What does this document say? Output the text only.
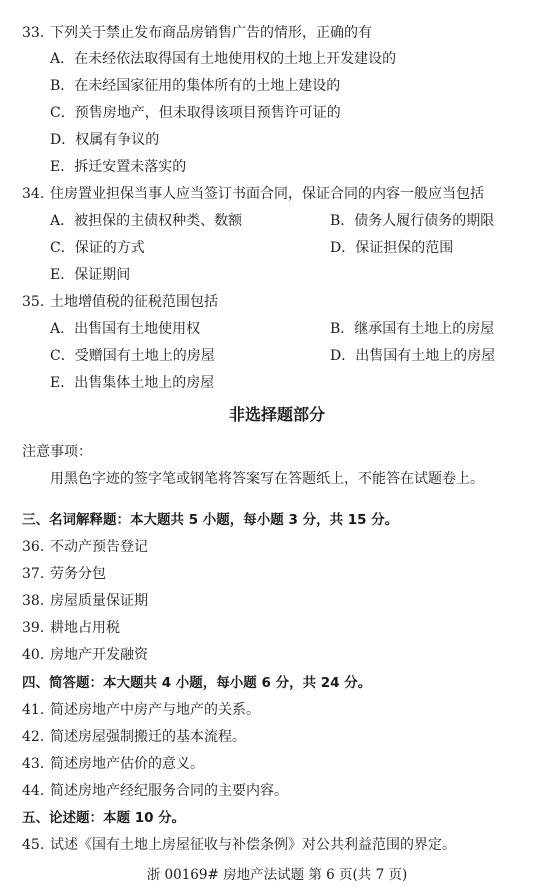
33. 下列关于禁止发布商品房销售广告的情形，正确的有
A．在未经依法取得国有土地使用权的土地上开发建设的
B．在未经国家征用的集体所有的土地上建设的
C．预售房地产，但未取得该项目预售许可证的
D．权属有争议的
E．拆迁安置未落实的
34. 住房置业担保当事人应当签订书面合同，保证合同的内容一般应当包括
A．被担保的主债权种类、数额	B．债务人履行债务的期限
C．保证的方式	D．保证担保的范围
E．保证期间
35. 土地增值税的征税范围包括
A．出售国有土地使用权	B．继承国有土地上的房屋
C．受赠国有土地上的房屋	D．出售国有土地上的房屋
E．出售集体土地上的房屋
非选择题部分
注意事项：
用黑色字迹的签字笔或钢笔将答案写在答题纸上，不能答在试题卷上。
三、名词解释题：本大题共 5 小题，每小题 3 分，共 15 分。
36. 不动产预告登记
37. 劳务分包
38. 房屋质量保证期
39. 耕地占用税
40. 房地产开发融资
四、简答题：本大题共 4 小题，每小题 6 分，共 24 分。
41. 简述房地产中房产与地产的关系。
42. 简述房屋强制搬迁的基本流程。
43. 简述房地产估价的意义。
44. 简述房地产经纪服务合同的主要内容。
五、论述题：本题 10 分。
45. 试述《国有土地上房屋征收与补偿条例》对公共利益范围的界定。
浙 00169# 房地产法试题 第 6 页(共 7 页)
